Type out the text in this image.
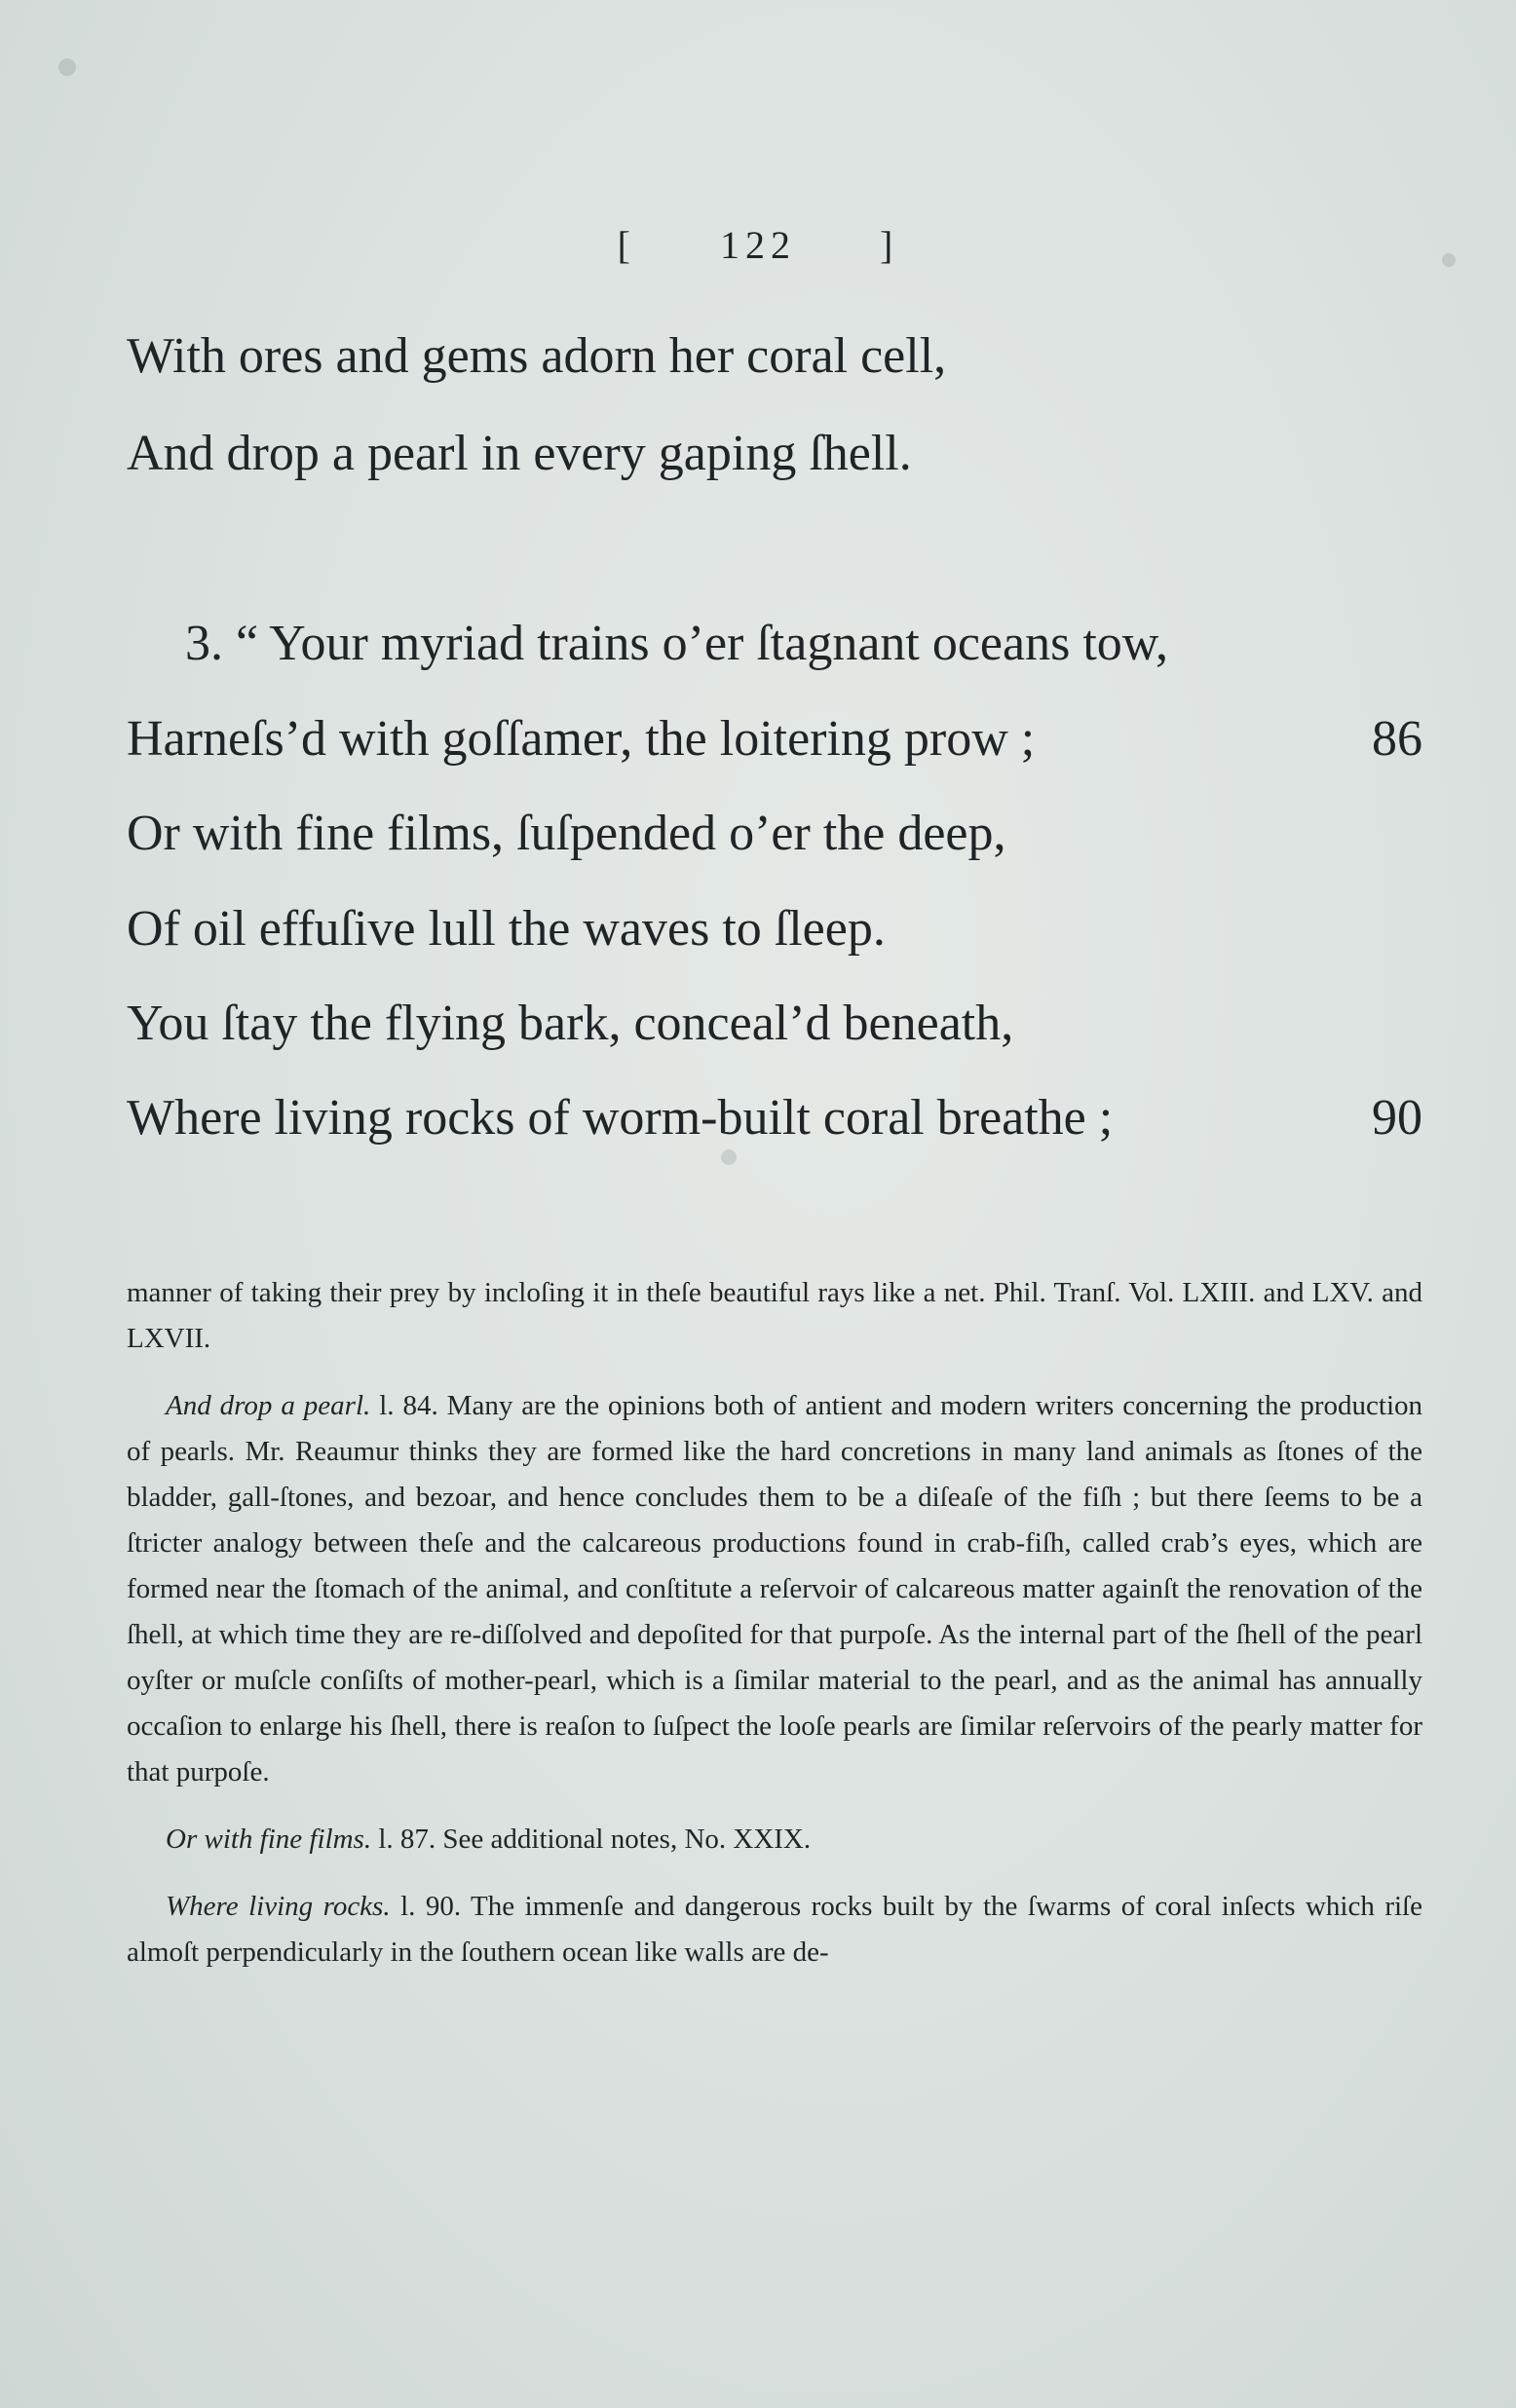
[ 122 ]
With ores and gems adorn her coral cell,
And drop a pearl in every gaping ſhell.
3. “ Your myriad trains o’er ſtagnant oceans tow,
Harneſs’d with goſſamer, the loitering prow ;	86
Or with fine films, ſuſpended o’er the deep,
Of oil effuſive lull the waves to ſleep.
You ſtay the flying bark, conceal’d beneath,
Where living rocks of worm-built coral breathe ;	90

manner of taking their prey by incloſing it in theſe beautiful rays like a net. Phil. Tranſ. Vol. LXIII. and LXV. and LXVII.

And drop a pearl. l. 84. Many are the opinions both of antient and modern writers concerning the production of pearls. Mr. Reaumur thinks they are formed like the hard concretions in many land animals as ſtones of the bladder, gall-ſtones, and bezoar, and hence concludes them to be a diſeaſe of the fiſh ; but there ſeems to be a ſtricter analogy between theſe and the calcareous productions found in crab-fiſh, called crab’s eyes, which are formed near the ſtomach of the animal, and conſtitute a reſervoir of calcareous matter againſt the renovation of the ſhell, at which time they are re-diſſolved and depoſited for that purpoſe. As the internal part of the ſhell of the pearl oyſter or muſcle conſiſts of mother-pearl, which is a ſimilar material to the pearl, and as the animal has annually occaſion to enlarge his ſhell, there is reaſon to ſuſpect the looſe pearls are ſimilar reſervoirs of the pearly matter for that purpoſe.

Or with fine films. l. 87. See additional notes, No. XXIX.

Where living rocks. l. 90. The immenſe and dangerous rocks built by the ſwarms of coral inſects which riſe almoſt perpendicularly in the ſouthern ocean like walls are de-
